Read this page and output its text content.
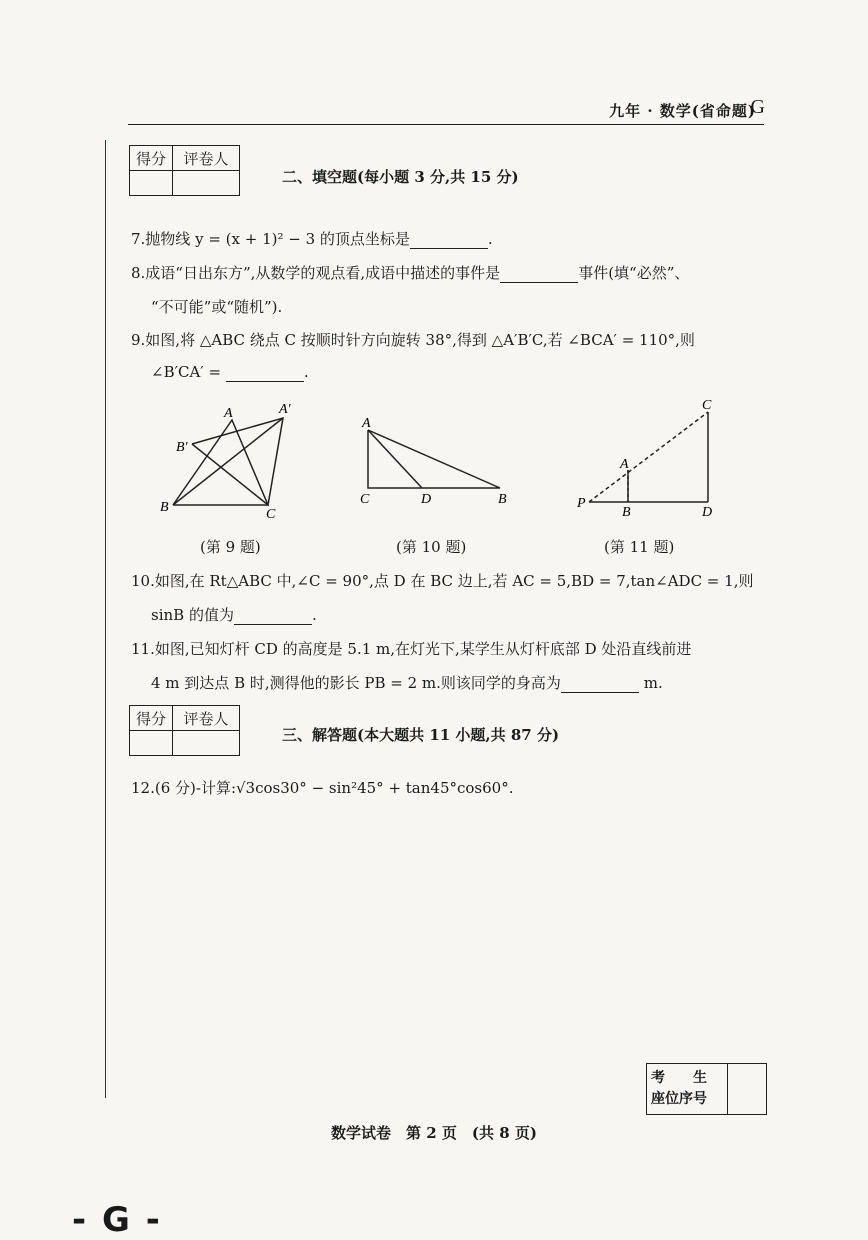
九年 · 数学(省命题)
G
得分	评卷人

二、填空题(每小题 3 分,共 15 分)
7.抛物线 y = (x + 1)² − 3 的顶点坐标是	.
8.成语“日出东方”,从数学的观点看,成语中描述的事件是	事件(填“必然”、
“不可能”或“随机”).
9.如图,将 △ABC 绕点 C 按顺时针方向旋转 38°,得到 △A′B′C,若 ∠BCA′ = 110°,则
∠B′CA′ =	.
A	A′
B′
B	C
A
C	D	B
C
A
P
B	D
(第 9 题)	(第 10 题)	(第 11 题)
10.如图,在 Rt△ABC 中,∠C = 90°,点 D 在 BC 边上,若 AC = 5,BD = 7,tan∠ADC = 1,则
sinB 的值为	.
11.如图,已知灯杆 CD 的高度是 5.1 m,在灯光下,某学生从灯杆底部 D 处沿直线前进
4 m 到达点 B 时,测得他的影长 PB = 2 m.则该同学的身高为	m.
得分	评卷人

三、解答题(本大题共 11 小题,共 87 分)
12.(6 分)-计算:√3cos30° − sin²45° + tan45°cos60°.
考　　生
座位序号

数学试卷　第 2 页　(共 8 页)
- G -
